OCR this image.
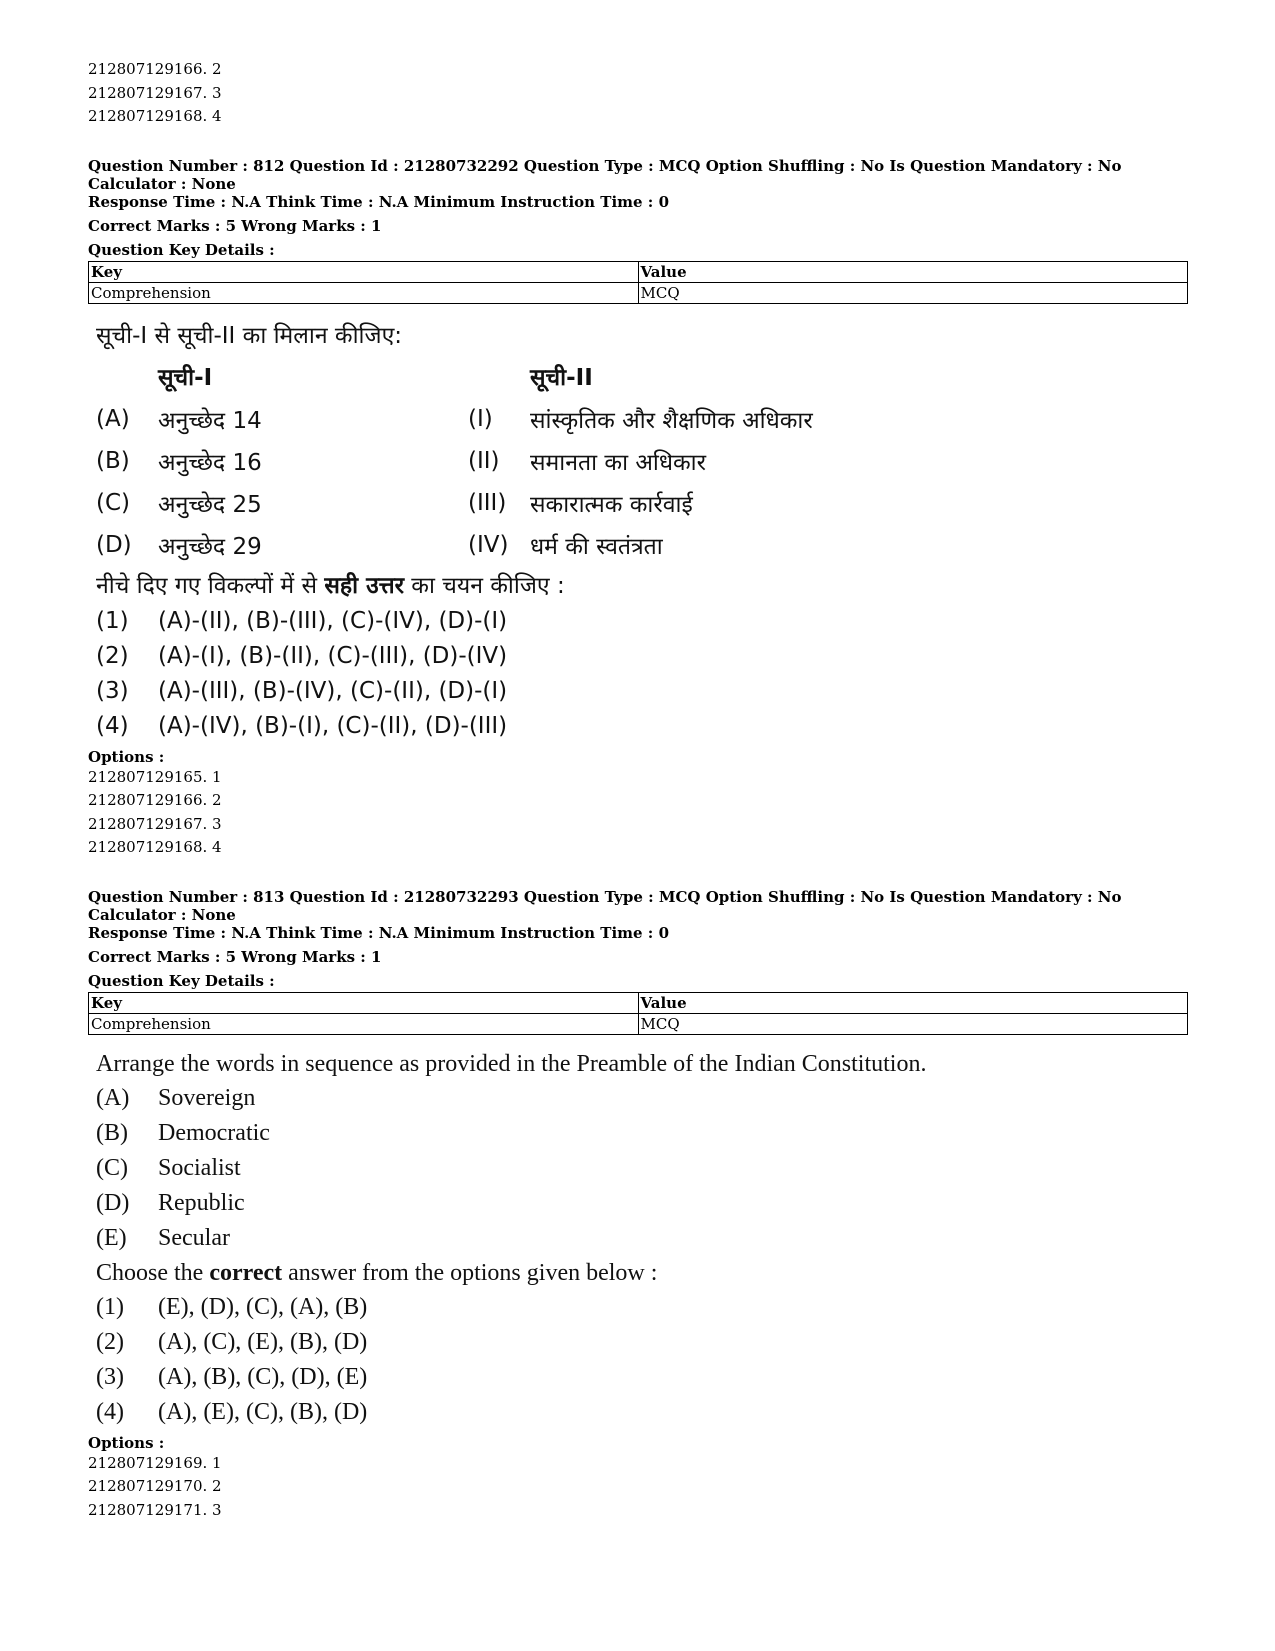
212807129166. 2
212807129167. 3
212807129168. 4
Question Number : 812 Question Id : 21280732292 Question Type : MCQ Option Shuffling : No Is Question Mandatory : No Calculator : None
Response Time : N.A Think Time : N.A Minimum Instruction Time : 0
Correct Marks : 5 Wrong Marks : 1
Question Key Details :
Key	Value
Comprehension	MCQ
सूची-I से सूची-II का मिलान कीजिए:
सूची-I	सूची-II
(A)	अनुच्छेद 14	(I)	सांस्कृतिक और शैक्षणिक अधिकार
(B)	अनुच्छेद 16	(II)	समानता का अधिकार
(C)	अनुच्छेद 25	(III)	सकारात्मक कार्रवाई
(D)	अनुच्छेद 29	(IV) धर्म की स्वतंत्रता
नीचे दिए गए विकल्पों में से सही उत्तर का चयन कीजिए :
(1)	(A)-(II), (B)-(III), (C)-(IV), (D)-(I)
(2)	(A)-(I), (B)-(II), (C)-(III), (D)-(IV)
(3)	(A)-(III), (B)-(IV), (C)-(II), (D)-(I)
(4)	(A)-(IV), (B)-(I), (C)-(II), (D)-(III)
Options :
212807129165. 1
212807129166. 2
212807129167. 3
212807129168. 4
Question Number : 813 Question Id : 21280732293 Question Type : MCQ Option Shuffling : No Is Question Mandatory : No Calculator : None
Response Time : N.A Think Time : N.A Minimum Instruction Time : 0
Correct Marks : 5 Wrong Marks : 1
Question Key Details :
Key	Value
Comprehension	MCQ
Arrange the words in sequence as provided in the Preamble of the Indian Constitution.
(A)	Sovereign
(B)	Democratic
(C)	Socialist
(D)	Republic
(E)	Secular
Choose the correct answer from the options given below :
(1)	(E), (D), (C), (A), (B)
(2)	(A), (C), (E), (B), (D)
(3)	(A), (B), (C), (D), (E)
(4)	(A), (E), (C), (B), (D)
Options :
212807129169. 1
212807129170. 2
212807129171. 3
